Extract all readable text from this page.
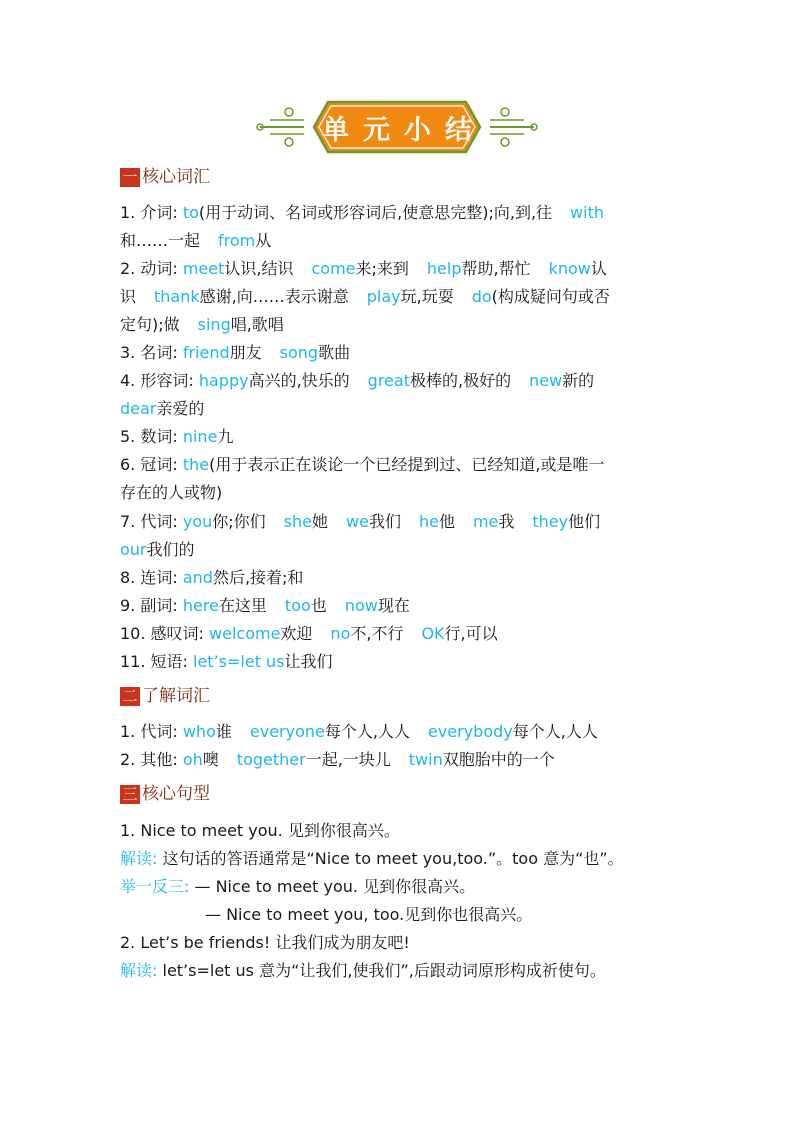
单元小结
一 核心词汇
1. 介词: to(用于动词、名词或形容词后,使意思完整);向,到,往 with
和……一起 from从
2. 动词: meet认识,结识 come来;来到 help帮助,帮忙 know认
识 thank感谢,向……表示谢意 play玩,玩耍 do(构成疑问句或否
定句);做 sing唱,歌唱
3. 名词: friend朋友 song歌曲
4. 形容词: happy高兴的,快乐的 great极棒的,极好的 new新的
dear亲爱的
5. 数词: nine九
6. 冠词: the(用于表示正在谈论一个已经提到过、已经知道,或是唯一
存在的人或物)
7. 代词: you你;你们 she她 we我们 he他 me我 they他们
our我们的
8. 连词: and然后,接着;和
9. 副词: here在这里 too也 now现在
10. 感叹词: welcome欢迎 no不,不行 OK行,可以
11. 短语: let’s=let us让我们
二 了解词汇
1. 代词: who谁 everyone每个人,人人 everybody每个人,人人
2. 其他: oh噢 together一起,一块儿 twin双胞胎中的一个
三 核心句型
1. Nice to meet you. 见到你很高兴。
解读: 这句话的答语通常是“Nice to meet you,too.”。too 意为“也”。
举一反三: — Nice to meet you. 见到你很高兴。
— Nice to meet you, too.见到你也很高兴。
2. Let’s be friends! 让我们成为朋友吧!
解读: let’s=let us 意为“让我们,使我们”,后跟动词原形构成祈使句。
